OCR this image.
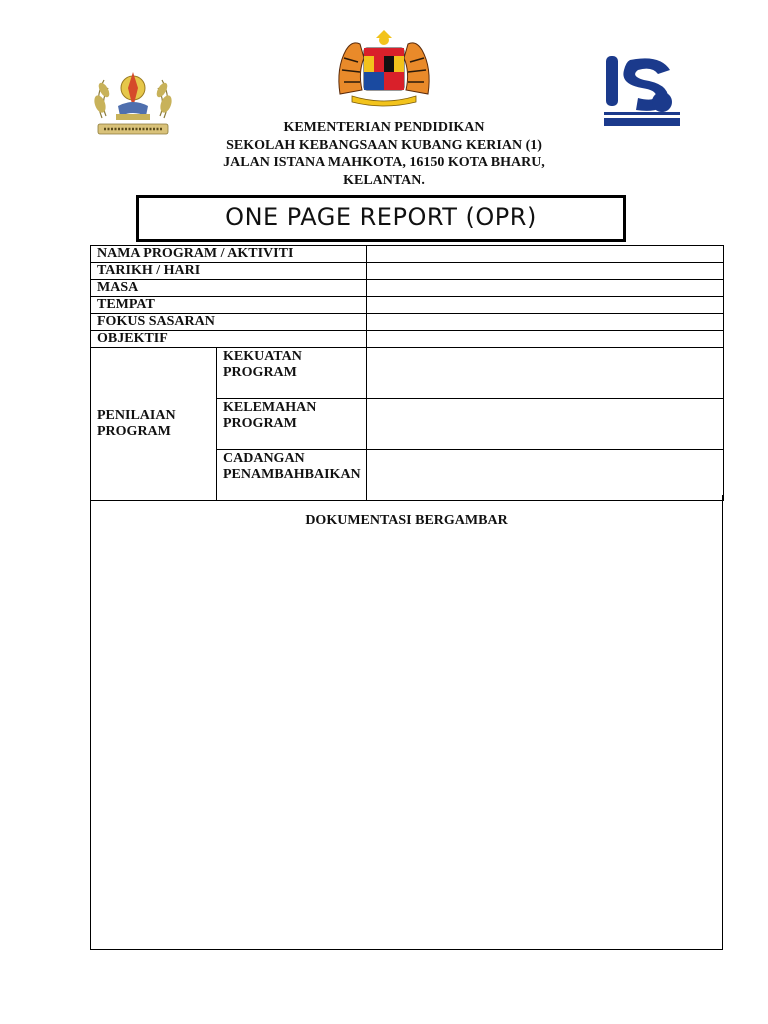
KEMENTERIAN PENDIDIKAN
SEKOLAH KEBANGSAAN KUBANG KERIAN (1)
JALAN ISTANA MAHKOTA, 16150 KOTA BHARU,
KELANTAN.
ONE PAGE REPORT (OPR)
NAMA PROGRAM / AKTIVITI		
TARIKH / HARI		
MASA		
TEMPAT		
FOKUS SASARAN		
OBJEKTIF		
PENILAIAN PROGRAM	KEKUATAN PROGRAM	
	KELEMAHAN PROGRAM	
	CADANGAN PENAMBAHBAIKAN	
DOKUMENTASI BERGAMBAR
